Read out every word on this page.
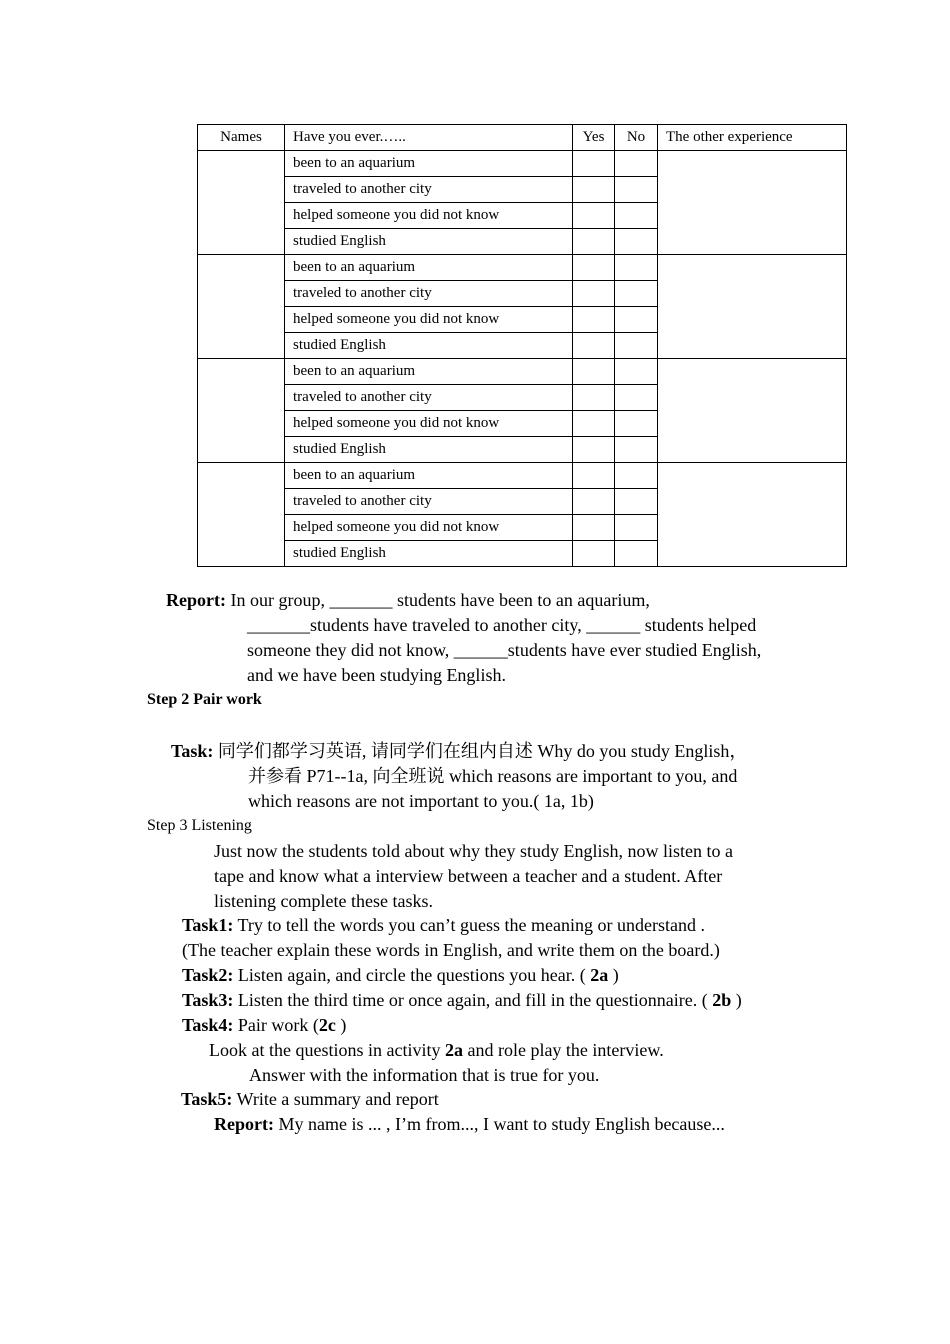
Names	Have you ever.…..	Yes	No	The other experience
	been to an aquarium			
	traveled to another city			
	helped someone you did not know			
	studied English			
	been to an aquarium			
	traveled to another city			
	helped someone you did not know			
	studied English			
	been to an aquarium			
	traveled to another city			
	helped someone you did not know			
	studied English			
	been to an aquarium			
	traveled to another city			
	helped someone you did not know			
	studied English			
Report: In our group, _______ students have been to an aquarium,
_______students have traveled to another city, ______ students helped
someone they did not know, ______students have ever studied English,
and we have been studying English.
Step 2 Pair work
Task: 同学们都学习英语, 请同学们在组内自述 Why do you study English，
并参看 P71--1a, 向全班说 which reasons are important to you, and
which reasons are not important to you.( 1a, 1b)
Step 3 Listening
Just now the students told about why they study English, now listen to a
tape and know what a interview between a teacher and a student. After
listening complete these tasks.
Task1: Try to tell the words you can’t guess the meaning or understand .
(The teacher explain these words in English, and write them on the board.)
Task2: Listen again, and circle the questions you hear. ( 2a )
Task3: Listen the third time or once again, and fill in the questionnaire. ( 2b )
Task4: Pair work (2c )
Look at the questions in activity 2a and role play the interview.
Answer with the information that is true for you.
Task5: Write a summary and report
Report: My name is ... , I’m from..., I want to study English because...
